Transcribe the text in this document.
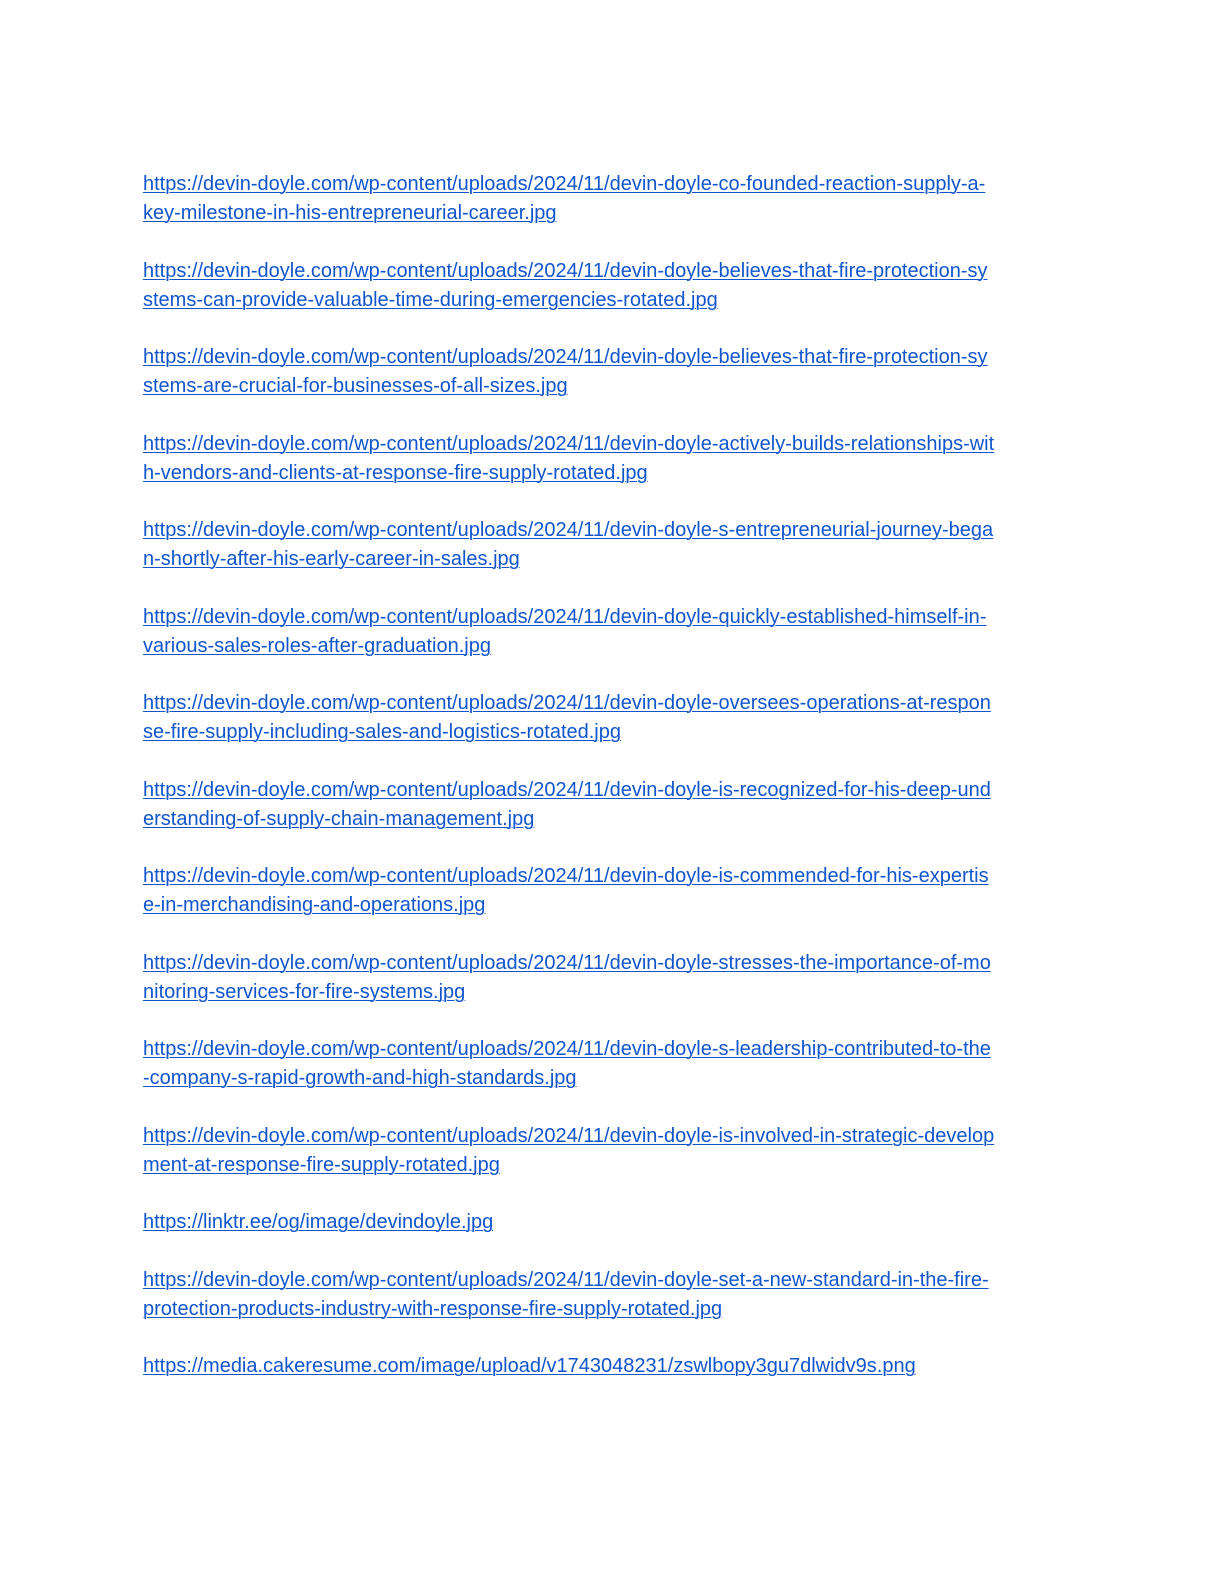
https://devin-doyle.com/wp-content/uploads/2024/11/devin-doyle-co-founded-reaction-supply-a-
key-milestone-in-his-entrepreneurial-career.jpg
https://devin-doyle.com/wp-content/uploads/2024/11/devin-doyle-believes-that-fire-protection-sy
stems-can-provide-valuable-time-during-emergencies-rotated.jpg
https://devin-doyle.com/wp-content/uploads/2024/11/devin-doyle-believes-that-fire-protection-sy
stems-are-crucial-for-businesses-of-all-sizes.jpg
https://devin-doyle.com/wp-content/uploads/2024/11/devin-doyle-actively-builds-relationships-wit
h-vendors-and-clients-at-response-fire-supply-rotated.jpg
https://devin-doyle.com/wp-content/uploads/2024/11/devin-doyle-s-entrepreneurial-journey-bega
n-shortly-after-his-early-career-in-sales.jpg
https://devin-doyle.com/wp-content/uploads/2024/11/devin-doyle-quickly-established-himself-in-
various-sales-roles-after-graduation.jpg
https://devin-doyle.com/wp-content/uploads/2024/11/devin-doyle-oversees-operations-at-respon
se-fire-supply-including-sales-and-logistics-rotated.jpg
https://devin-doyle.com/wp-content/uploads/2024/11/devin-doyle-is-recognized-for-his-deep-und
erstanding-of-supply-chain-management.jpg
https://devin-doyle.com/wp-content/uploads/2024/11/devin-doyle-is-commended-for-his-expertis
e-in-merchandising-and-operations.jpg
https://devin-doyle.com/wp-content/uploads/2024/11/devin-doyle-stresses-the-importance-of-mo
nitoring-services-for-fire-systems.jpg
https://devin-doyle.com/wp-content/uploads/2024/11/devin-doyle-s-leadership-contributed-to-the
-company-s-rapid-growth-and-high-standards.jpg
https://devin-doyle.com/wp-content/uploads/2024/11/devin-doyle-is-involved-in-strategic-develop
ment-at-response-fire-supply-rotated.jpg
https://linktr.ee/og/image/devindoyle.jpg
https://devin-doyle.com/wp-content/uploads/2024/11/devin-doyle-set-a-new-standard-in-the-fire-
protection-products-industry-with-response-fire-supply-rotated.jpg
https://media.cakeresume.com/image/upload/v1743048231/zswlbopy3gu7dlwidv9s.png
